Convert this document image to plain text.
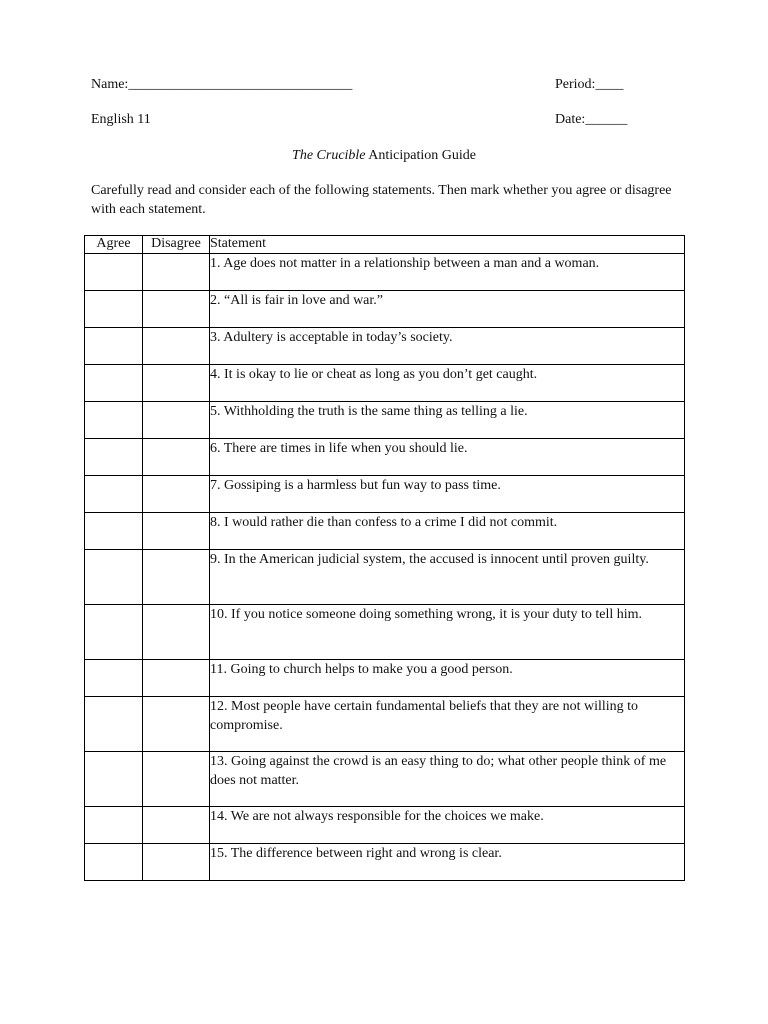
Name:________________________________	Period:____
English 11	Date:______
The Crucible Anticipation Guide
Carefully read and consider each of the following statements. Then mark whether you agree or disagree with each statement.
Agree	Disagree	Statement
		1. Age does not matter in a relationship between a man and a woman.
		2. “All is fair in love and war.”
		3. Adultery is acceptable in today’s society.
		4. It is okay to lie or cheat as long as you don’t get caught.
		5. Withholding the truth is the same thing as telling a lie.
		6. There are times in life when you should lie.
		7. Gossiping is a harmless but fun way to pass time.
		8. I would rather die than confess to a crime I did not commit.
		9. In the American judicial system, the accused is innocent until proven guilty.
		10. If you notice someone doing something wrong, it is your duty to tell him.
		11. Going to church helps to make you a good person.
		12. Most people have certain fundamental beliefs that they are not willing to compromise.
		13. Going against the crowd is an easy thing to do; what other people think of me does not matter.
		14. We are not always responsible for the choices we make.
		15. The difference between right and wrong is clear.
